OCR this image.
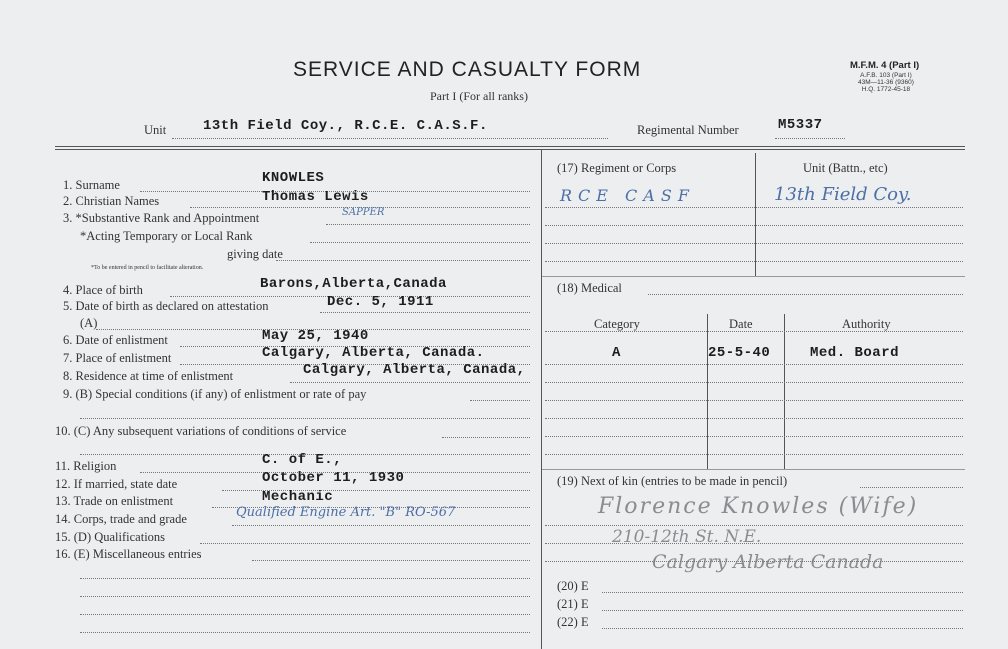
SERVICE AND CASUALTY FORM
Part I (For all ranks)
M.F.M. 4 (Part I)
A.F.B. 103 (Part I)
43M—11-36 (9360)
H.Q. 1772-45-18
Unit	13th Field Coy., R.C.E. C.A.S.F.	Regimental Number	M5337
1. Surname	KNOWLES
2. Christian Names	Thomas Lewis
3. *Substantive Rank and Appointment	SAPPER
*Acting Temporary or Local Rank
giving date
*To be entered in pencil to facilitate alteration.
4. Place of birth	Barons,Alberta,Canada
5. Date of birth as declared on attestation	Dec. 5, 1911
(A)
6. Date of enlistment	May 25, 1940
7. Place of enlistment	Calgary, Alberta, Canada.
8. Residence at time of enlistment	Calgary, Alberta, Canada,
9. (B) Special conditions (if any) of enlistment or rate of pay
10. (C) Any subsequent variations of conditions of service
11. Religion	C. of E.,
12. If married, state date	October 11, 1930
13. Trade on enlistment	Mechanic
14. Corps, trade and grade	Qualified Engine Art. "B" RO-567
15. (D) Qualifications
16. (E) Miscellaneous entries
(17) Regiment or Corps	Unit (Battn., etc)
RCE CASF	13th Field Coy.
(18) Medical
Category	Date	Authority
A	25-5-40	Med. Board
(19) Next of kin (entries to be made in pencil)
Florence Knowles (Wife)
210-12th St. N.E.
Calgary Alberta Canada
(20) E
(21) E
(22) E
